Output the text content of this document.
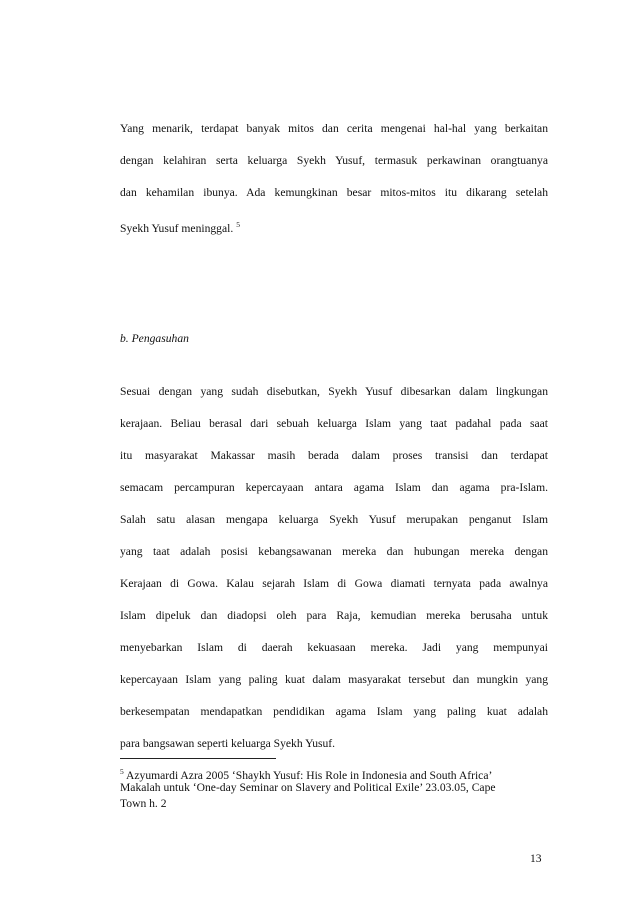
Yang menarik, terdapat banyak mitos dan cerita mengenai hal-hal yang berkaitan
dengan kelahiran serta keluarga Syekh Yusuf, termasuk perkawinan orangtuanya
dan kehamilan ibunya. Ada kemungkinan besar mitos-mitos itu dikarang setelah
Syekh Yusuf meninggal. $^5$
b. Pengasuhan
Sesuai dengan yang sudah disebutkan, Syekh Yusuf dibesarkan dalam lingkungan
kerajaan. Beliau berasal dari sebuah keluarga Islam yang taat padahal pada saat
itu masyarakat Makassar masih berada dalam proses transisi dan terdapat
semacam percampuran kepercayaan antara agama Islam dan agama pra-Islam.
Salah satu alasan mengapa keluarga Syekh Yusuf merupakan penganut Islam
yang taat adalah posisi kebangsawanan mereka dan hubungan mereka dengan
Kerajaan di Gowa. Kalau sejarah Islam di Gowa diamati ternyata pada awalnya
Islam dipeluk dan diadopsi oleh para Raja, kemudian mereka berusaha untuk
menyebarkan Islam di daerah kekuasaan mereka. Jadi yang mempunyai
kepercayaan Islam yang paling kuat dalam masyarakat tersebut dan mungkin yang
berkesempatan mendapatkan pendidikan agama Islam yang paling kuat adalah
para bangsawan seperti keluarga Syekh Yusuf.
$^5$ Azyumardi Azra 2005 ‘Shaykh Yusuf: His Role in Indonesia and South Africa’
Makalah untuk ‘One-day Seminar on Slavery and Political Exile’ 23.03.05, Cape
Town h. 2
13
